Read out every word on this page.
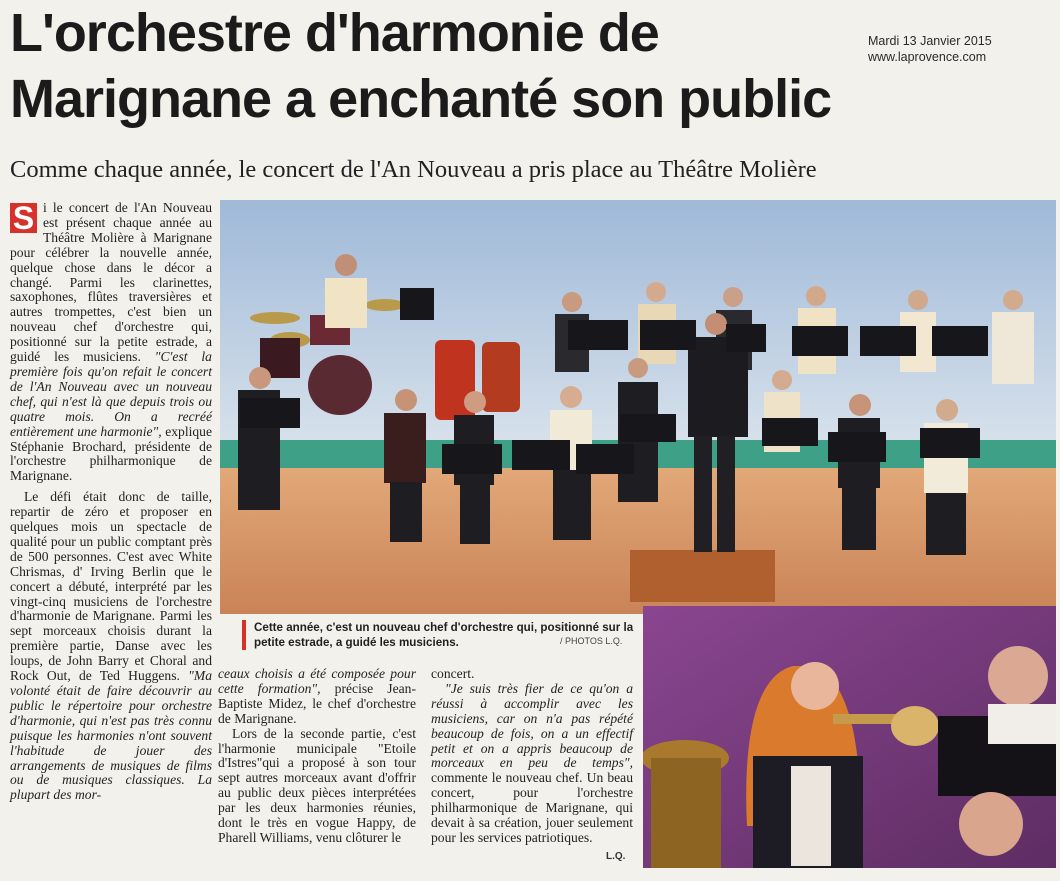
L'orchestre d'harmonie de
Marignane a enchanté son public
Mardi 13 Janvier 2015
www.laprovence.com
Comme chaque année, le concert de l'An Nouveau a pris place au Théâtre Molière

S i le concert de l'An Nouveau est présent chaque année au Théâtre Molière à Marignane pour célébrer la nouvelle année, quelque chose dans le décor a changé. Parmi les clarinettes, saxophones, flûtes traversières et autres trompettes, c'est bien un nouveau chef d'orchestre qui, positionné sur la petite estrade, a guidé les musiciens. "C'est la première fois qu'on refait le concert de l'An Nouveau avec un nouveau chef, qui n'est là que depuis trois ou quatre mois. On a recréé entièrement une harmonie", explique Stéphanie Brochard, présidente de l'orchestre philharmonique de Marignane.

Le défi était donc de taille, repartir de zéro et proposer en quelques mois un spectacle de qualité pour un public comptant près de 500 personnes. C'est avec White Chrismas, d' Irving Berlin que le concert a débuté, interprété par les vingt-cinq musiciens de l'orchestre d'harmonie de Marignane. Parmi les sept morceaux choisis durant la première partie, Danse avec les loups, de John Barry et Choral and Rock Out, de Ted Huggens. "Ma volonté était de faire découvrir au public le répertoire pour orchestre d'harmonie, qui n'est pas très connu puisque les harmonies n'ont souvent l'habitude de jouer des arrangements de musiques de films ou de musiques classiques. La plupart des mor-

Cette année, c'est un nouveau chef d'orchestre qui, positionné sur la petite estrade, a guidé les musiciens.	/ PHOTOS L.Q.

ceaux choisis a été composée pour cette formation", précise Jean-Baptiste Midez, le chef d'orchestre de Marignane.

Lors de la seconde partie, c'est l'harmonie municipale "Etoile d'Istres"qui a proposé à son tour sept autres morceaux avant d'offrir au public deux pièces interprétées par les deux harmonies réunies, dont le très en vogue Happy, de Pharell Williams, venu clôturer le

concert.

"Je suis très fier de ce qu'on a réussi à accomplir avec les musiciens, car on n'a pas répété beaucoup de fois, on a un effectif petit et on a appris beaucoup de morceaux en peu de temps", commente le nouveau chef. Un beau concert, pour l'orchestre philharmonique de Marignane, qui devait à sa création, jouer seulement pour les services patriotiques.

L.Q.
